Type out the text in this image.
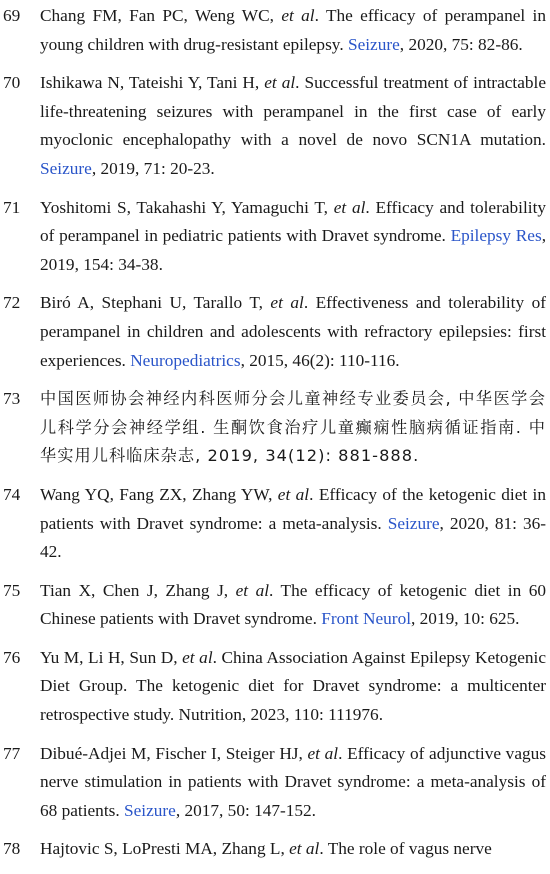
69	Chang FM, Fan PC, Weng WC, et al. The efficacy of perampanel in young children with drug-resistant epilepsy. Seizure, 2020, 75: 82-86.
70	Ishikawa N, Tateishi Y, Tani H, et al. Successful treatment of intractable life-threatening seizures with perampanel in the first case of early myoclonic encephalopathy with a novel de novo SCN1A mutation. Seizure, 2019, 71: 20-23.
71	Yoshitomi S, Takahashi Y, Yamaguchi T, et al. Efficacy and tolerability of perampanel in pediatric patients with Dravet syndrome. Epilepsy Res, 2019, 154: 34-38.
72	Biró A, Stephani U, Tarallo T, et al. Effectiveness and tolerability of perampanel in children and adolescents with refractory epilepsies: first experiences. Neuropediatrics, 2015, 46(2): 110-116.
73	中国医师协会神经内科医师分会儿童神经专业委员会, 中华医学会儿科学分会神经学组. 生酮饮食治疗儿童癫痫性脑病循证指南. 中华实用儿科临床杂志, 2019, 34(12): 881-888.
74	Wang YQ, Fang ZX, Zhang YW, et al. Efficacy of the ketogenic diet in patients with Dravet syndrome: a meta-analysis. Seizure, 2020, 81: 36-42.
75	Tian X, Chen J, Zhang J, et al. The efficacy of ketogenic diet in 60 Chinese patients with Dravet syndrome. Front Neurol, 2019, 10: 625.
76	Yu M, Li H, Sun D, et al. China Association Against Epilepsy Ketogenic Diet Group. The ketogenic diet for Dravet syndrome: a multicenter retrospective study. Nutrition, 2023, 110: 111976.
77	Dibué-Adjei M, Fischer I, Steiger HJ, et al. Efficacy of adjunctive vagus nerve stimulation in patients with Dravet syndrome: a meta-analysis of 68 patients. Seizure, 2017, 50: 147-152.
78	Hajtovic S, LoPresti MA, Zhang L, et al. The role of vagus nerve
